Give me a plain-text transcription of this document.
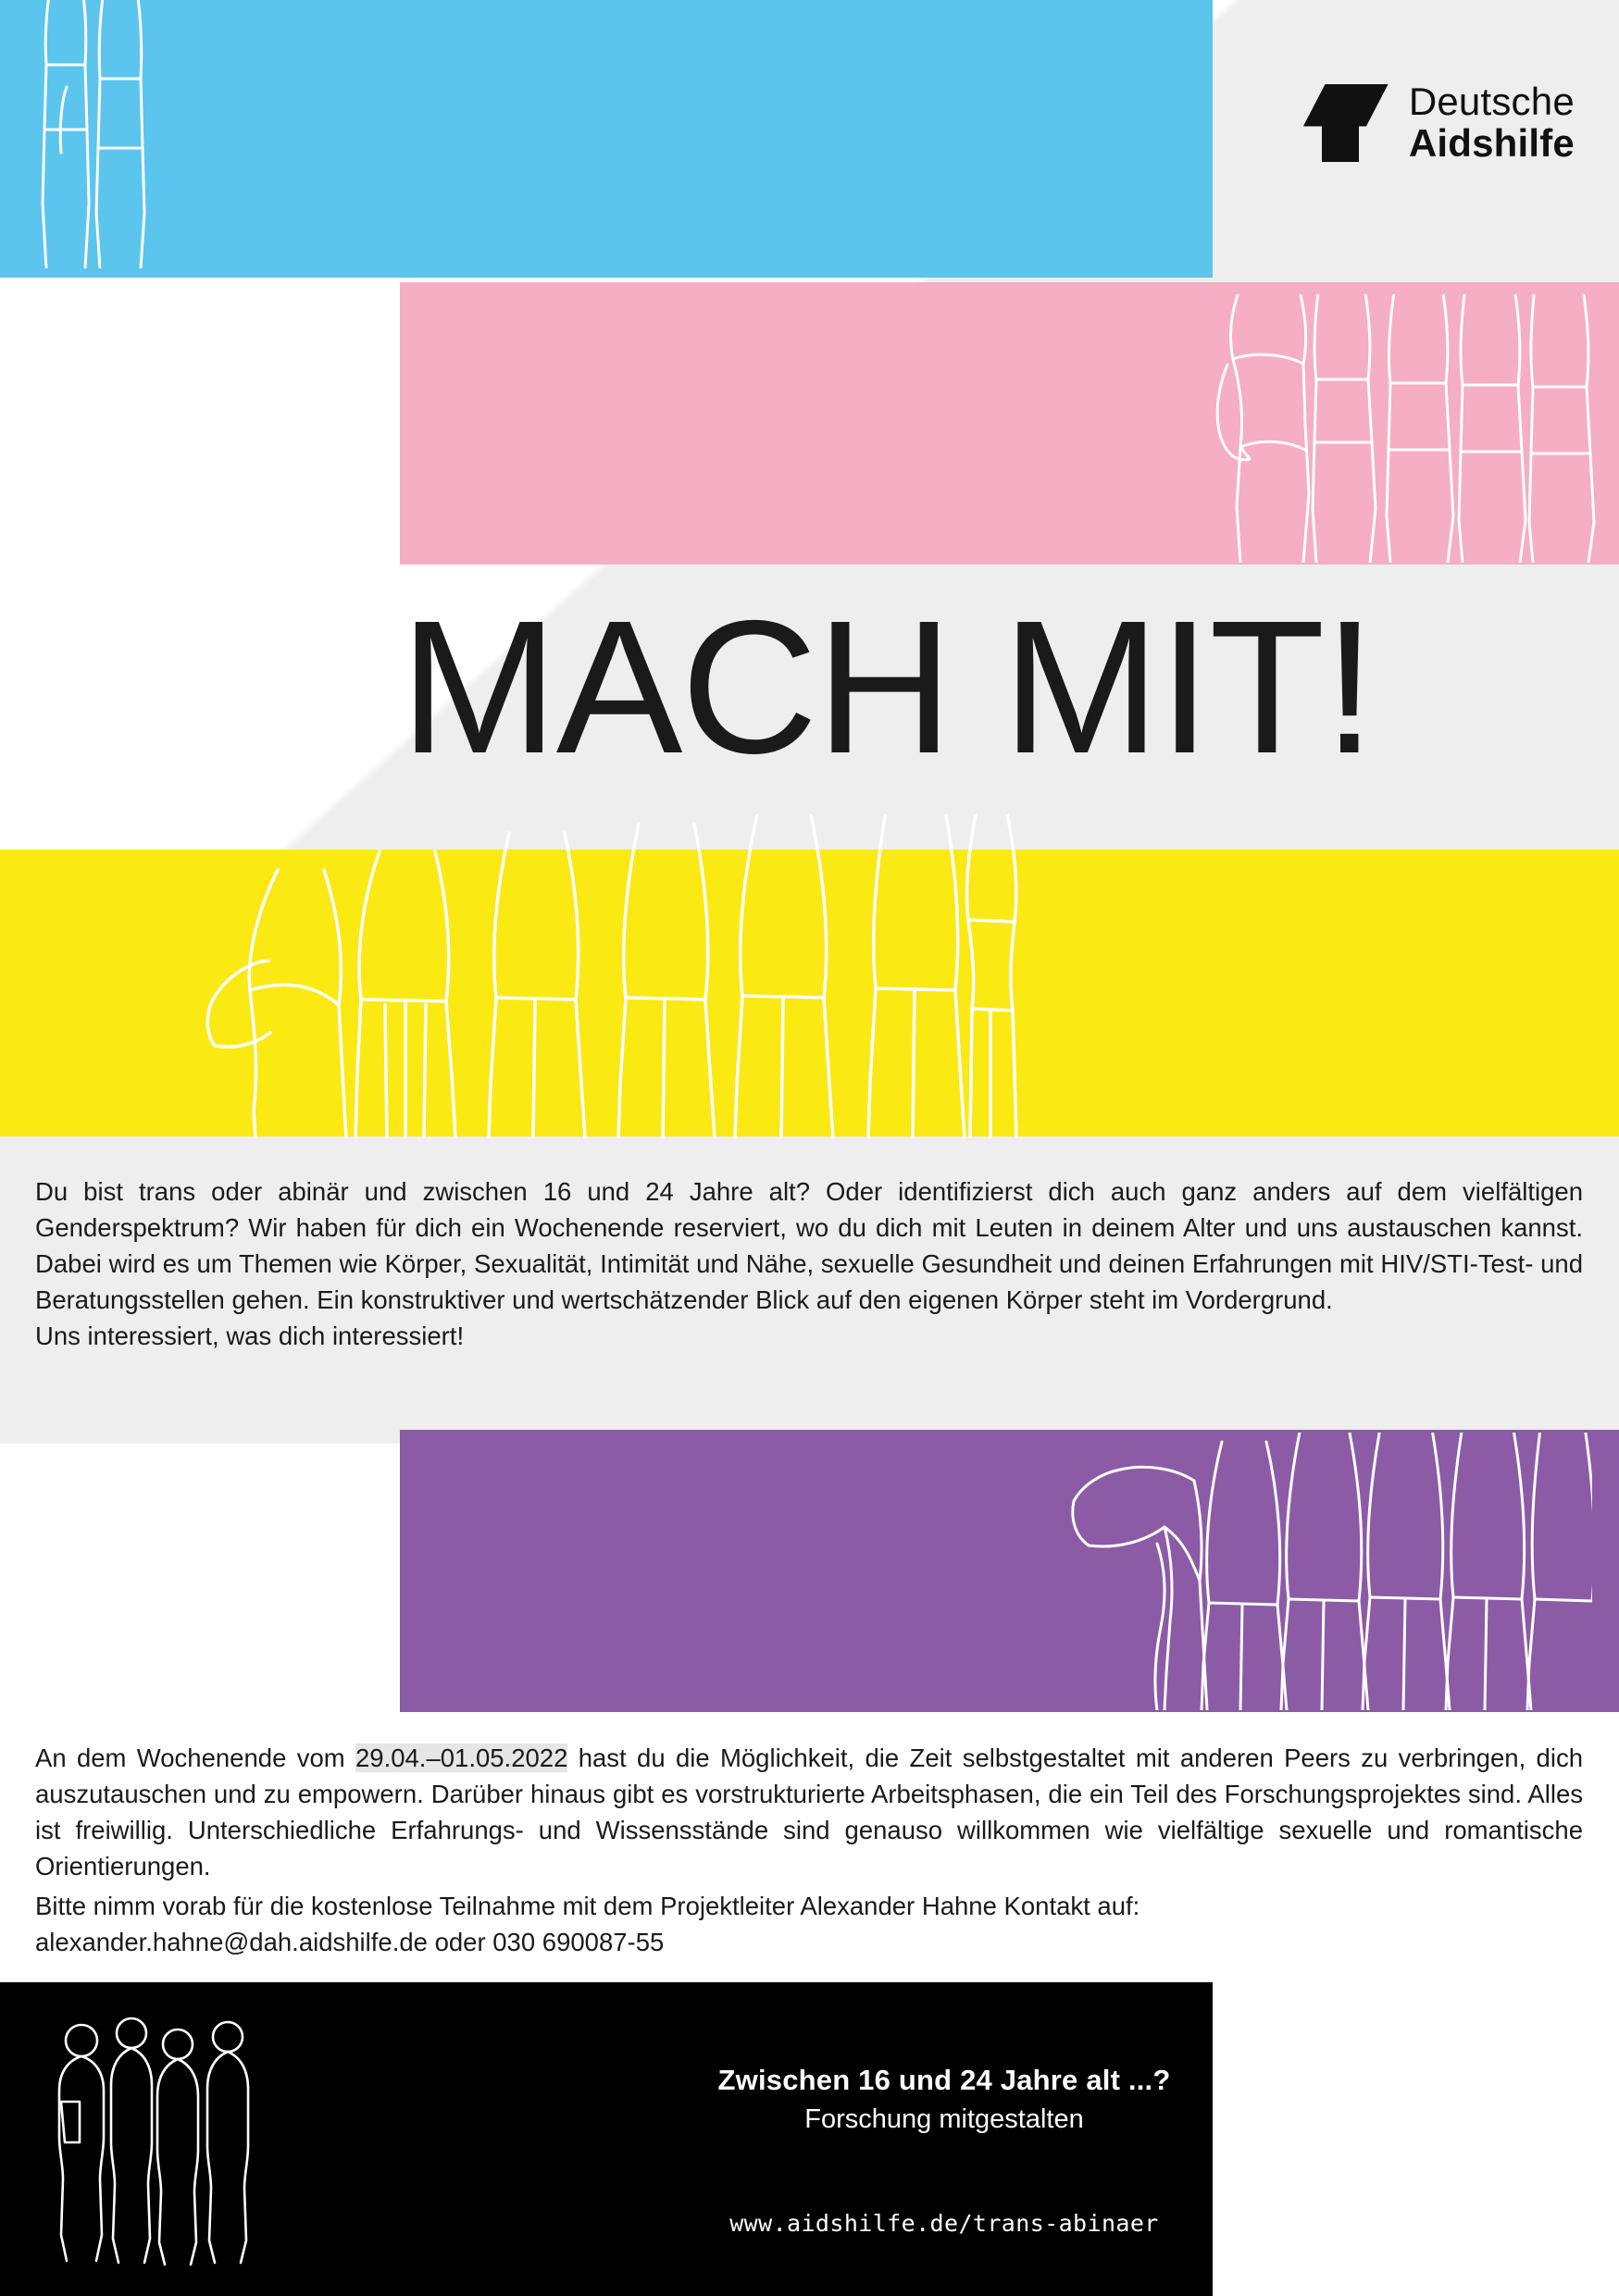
Deutsche
Aidshilfe
MACH MIT!
Du bist trans oder abinär und zwischen 16 und 24 Jahre alt? Oder identifizierst dich auch ganz anders auf dem vielfältigen Genderspektrum? Wir haben für dich ein Wochenende reserviert, wo du dich mit Leuten in deinem Alter und uns austauschen kannst. Dabei wird es um Themen wie Körper, Sexualität, Intimität und Nähe, sexuelle Gesundheit und deinen Erfahrungen mit HIV/STI-Test- und Beratungsstellen gehen. Ein konstruktiver und wertschätzender Blick auf den eigenen Körper steht im Vordergrund.
Uns interessiert, was dich interessiert!
An dem Wochenende vom 29.04.–01.05.2022 hast du die Möglichkeit, die Zeit selbstgestaltet mit anderen Peers zu verbringen, dich auszutauschen und zu empowern. Darüber hinaus gibt es vorstrukturierte Arbeitsphasen, die ein Teil des Forschungsprojektes sind. Alles ist freiwillig. Unterschiedliche Erfahrungs- und Wissensstände sind genauso willkommen wie vielfältige sexuelle und romantische Orientierungen.
Bitte nimm vorab für die kostenlose Teilnahme mit dem Projektleiter Alexander Hahne Kontakt auf:
alexander.hahne@dah.aidshilfe.de oder 030 690087-55
Zwischen 16 und 24 Jahre alt ...?
Forschung mitgestalten
www.aidshilfe.de/trans-abinaer
